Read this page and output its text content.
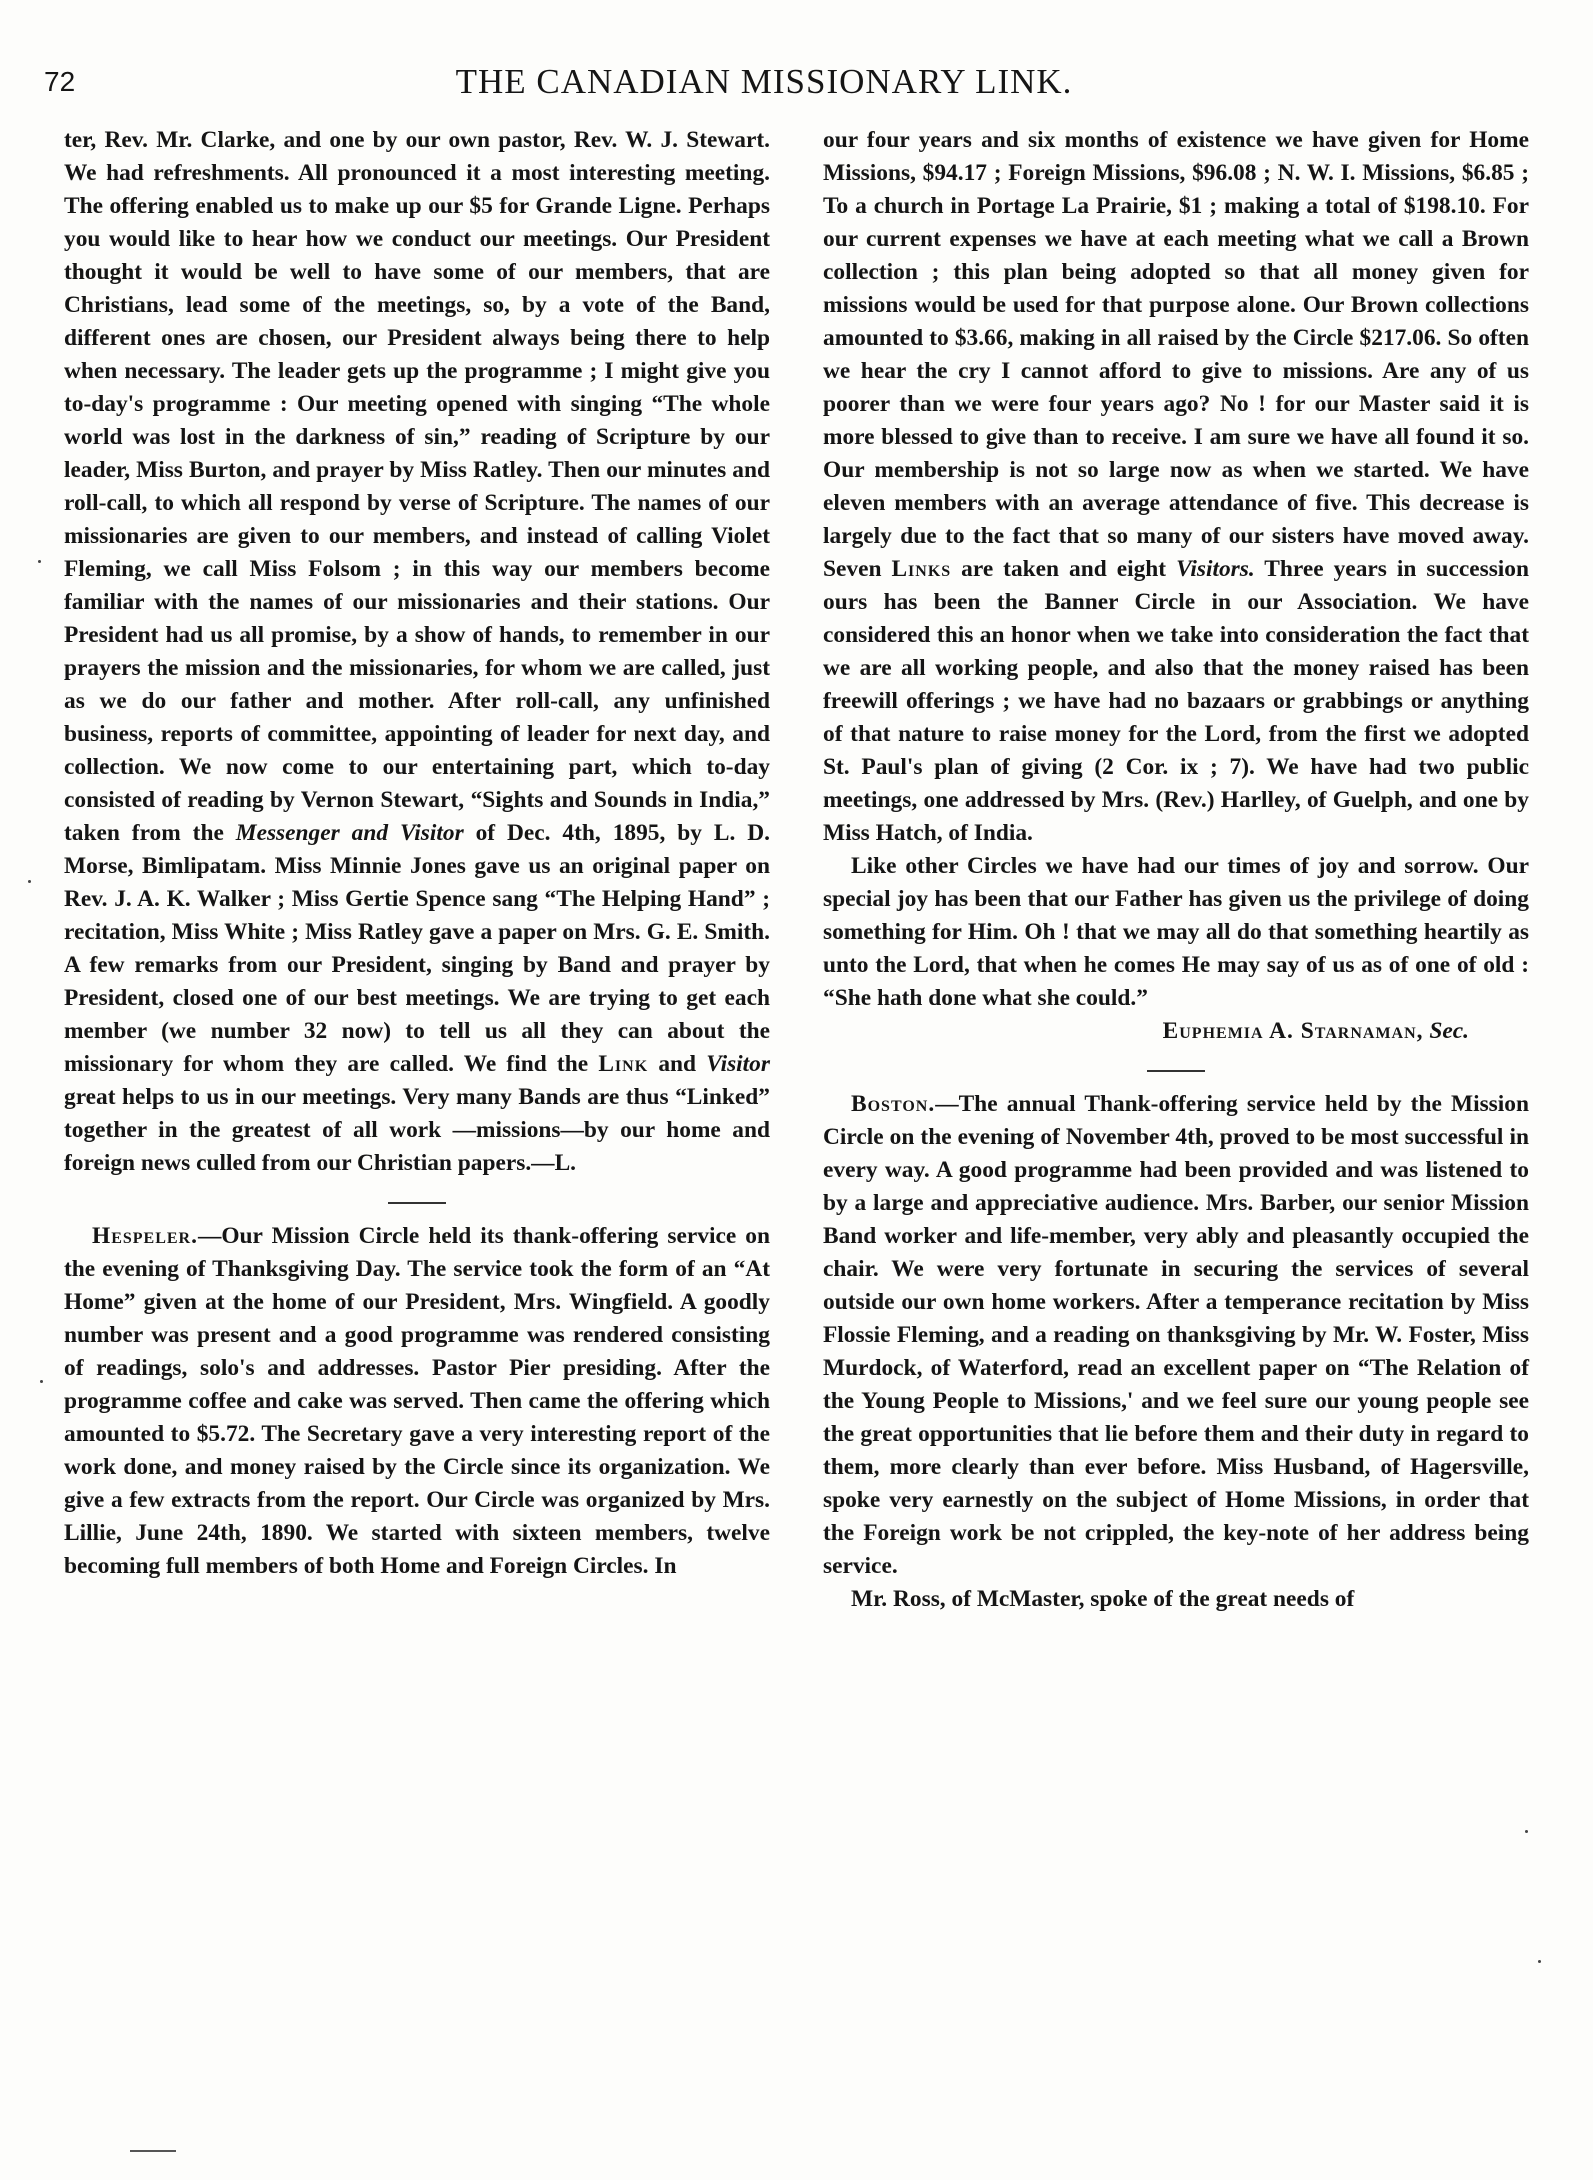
72	THE CANADIAN MISSIONARY LINK.

ter, Rev. Mr. Clarke, and one by our own pastor, Rev. W. J. Stewart. We had refreshments. All pronounced it a most interesting meeting. The offering enabled us to make up our $5 for Grande Ligne. Perhaps you would like to hear how we conduct our meetings. Our President thought it would be well to have some of our members, that are Christians, lead some of the meetings, so, by a vote of the Band, different ones are chosen, our President always being there to help when necessary. The leader gets up the programme ; I might give you to-day's programme : Our meeting opened with singing “The whole world was lost in the darkness of sin,” reading of Scripture by our leader, Miss Burton, and prayer by Miss Ratley. Then our minutes and roll-call, to which all respond by verse of Scripture. The names of our missionaries are given to our members, and instead of calling Violet Fleming, we call Miss Folsom ; in this way our members become familiar with the names of our missionaries and their stations. Our President had us all promise, by a show of hands, to remember in our prayers the mission and the missionaries, for whom we are called, just as we do our father and mother. After roll-call, any unfinished business, reports of committee, appointing of leader for next day, and collection. We now come to our entertaining part, which to-day consisted of reading by Vernon Stewart, “Sights and Sounds in India,” taken from the Messenger and Visitor of Dec. 4th, 1895, by L. D. Morse, Bimlipatam. Miss Minnie Jones gave us an original paper on Rev. J. A. K. Walker ; Miss Gertie Spence sang “The Helping Hand” ; recitation, Miss White ; Miss Ratley gave a paper on Mrs. G. E. Smith. A few remarks from our President, singing by Band and prayer by President, closed one of our best meetings. We are trying to get each member (we number 32 now) to tell us all they can about the missionary for whom they are called. We find the Link and Visitor great helps to us in our meetings. Very many Bands are thus “Linked” together in the greatest of all work —missions—by our home and foreign news culled from our Christian papers.—L.

Hespeler.—Our Mission Circle held its thank-offering service on the evening of Thanksgiving Day. The service took the form of an “At Home” given at the home of our President, Mrs. Wingfield. A goodly number was present and a good programme was rendered consisting of readings, solo's and addresses. Pastor Pier presiding. After the programme coffee and cake was served. Then came the offering which amounted to $5.72. The Secretary gave a very interesting report of the work done, and money raised by the Circle since its organization. We give a few extracts from the report. Our Circle was organized by Mrs. Lillie, June 24th, 1890. We started with sixteen members, twelve becoming full members of both Home and Foreign Circles. In

our four years and six months of existence we have given for Home Missions, $94.17 ; Foreign Missions, $96.08 ; N. W. I. Missions, $6.85 ; To a church in Portage La Prairie, $1 ; making a total of $198.10. For our current expenses we have at each meeting what we call a Brown collection ; this plan being adopted so that all money given for missions would be used for that purpose alone. Our Brown collections amounted to $3.66, making in all raised by the Circle $217.06. So often we hear the cry I cannot afford to give to missions. Are any of us poorer than we were four years ago? No ! for our Master said it is more blessed to give than to receive. I am sure we have all found it so. Our membership is not so large now as when we started. We have eleven members with an average attendance of five. This decrease is largely due to the fact that so many of our sisters have moved away. Seven Links are taken and eight Visitors. Three years in succession ours has been the Banner Circle in our Association. We have considered this an honor when we take into consideration the fact that we are all working people, and also that the money raised has been freewill offerings ; we have had no bazaars or grabbings or anything of that nature to raise money for the Lord, from the first we adopted St. Paul's plan of giving (2 Cor. ix ; 7). We have had two public meetings, one addressed by Mrs. (Rev.) Harlley, of Guelph, and one by Miss Hatch, of India.

Like other Circles we have had our times of joy and sorrow. Our special joy has been that our Father has given us the privilege of doing something for Him. Oh ! that we may all do that something heartily as unto the Lord, that when he comes He may say of us as of one of old : “She hath done what she could.”

Euphemia A. Starnaman, Sec.

Boston.—The annual Thank-offering service held by the Mission Circle on the evening of November 4th, proved to be most successful in every way. A good programme had been provided and was listened to by a large and appreciative audience. Mrs. Barber, our senior Mission Band worker and life-member, very ably and pleasantly occupied the chair. We were very fortunate in securing the services of several outside our own home workers. After a temperance recitation by Miss Flossie Fleming, and a reading on thanksgiving by Mr. W. Foster, Miss Murdock, of Waterford, read an excellent paper on “The Relation of the Young People to Missions,' and we feel sure our young people see the great opportunities that lie before them and their duty in regard to them, more clearly than ever before. Miss Husband, of Hagersville, spoke very earnestly on the subject of Home Missions, in order that the Foreign work be not crippled, the key-note of her address being service.

Mr. Ross, of McMaster, spoke of the great needs of
